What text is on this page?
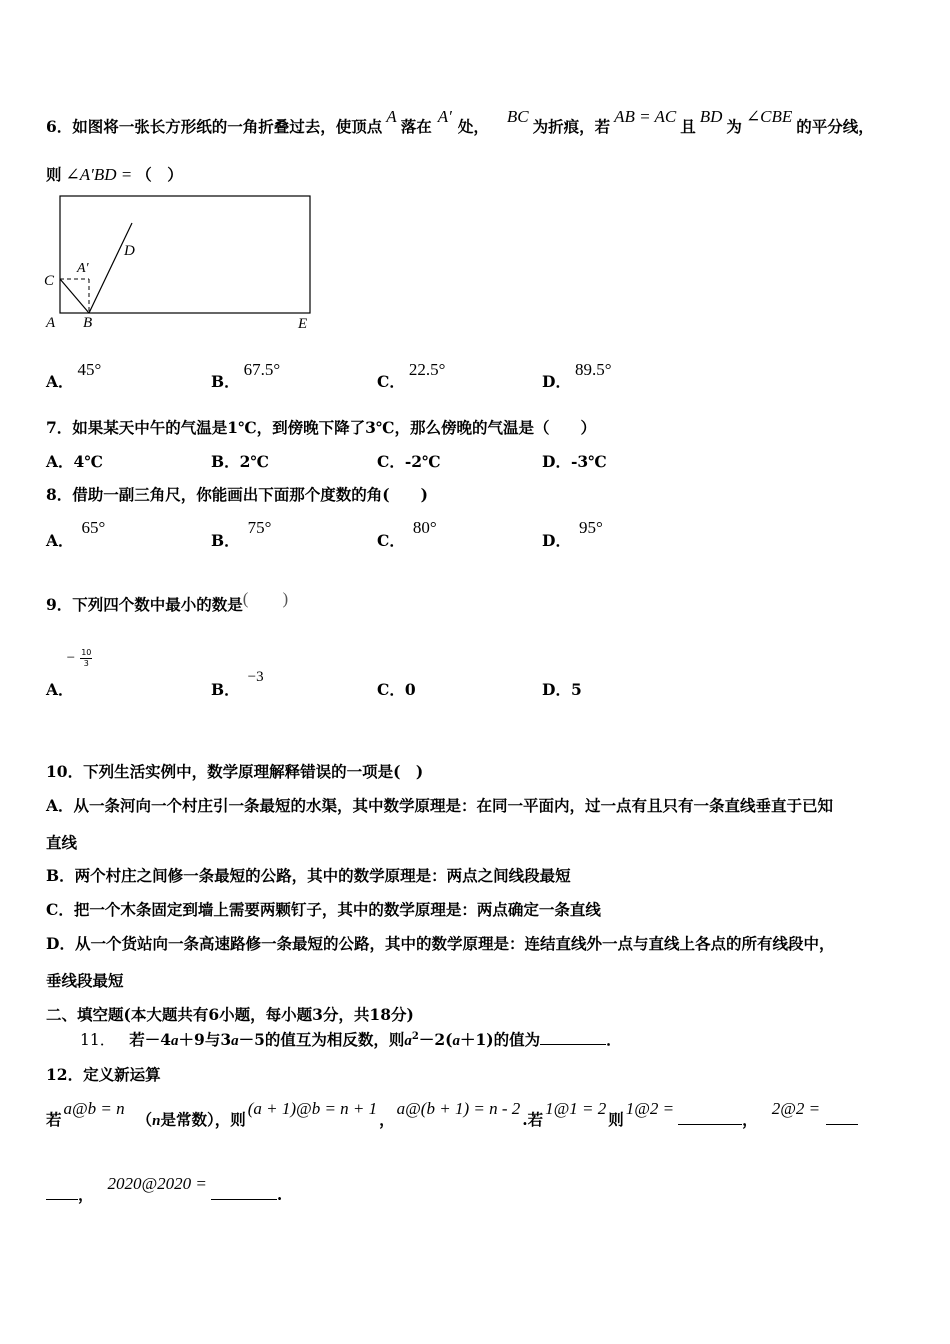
6．如图将一张长方形纸的一角折叠过去，使顶点A落在A′处，BC为折痕，若AB = AC且BD为∠CBE的平分线，
则 ∠A′BD = （　）
C
A B	E
D
A′
A．45°
B．67.5°
C．22.5°
D．89.5°
7．如果某天中午的气温是1℃，到傍晚下降了3℃，那么傍晚的气温是（　　）
A．4℃	B．2℃	C．-2℃	D．-3℃
8．借助一副三角尺，你能画出下面那个度数的角(　　)
A．65°
B．75°
C．80°
D．95°
9．下列四个数中最小的数是(　　)
A． − $\frac{10}{3}$
B．−3
C．0	D．5
10．下列生活实例中，数学原理解释错误的一项是(　)
A．从一条河向一个村庄引一条最短的水渠，其中数学原理是：在同一平面内，过一点有且只有一条直线垂直于已知
直线
B．两个村庄之间修一条最短的公路，其中的数学原理是：两点之间线段最短
C．把一个木条固定到墙上需要两颗钉子，其中的数学原理是：两点确定一条直线
D．从一个货站向一条高速路修一条最短的公路，其中的数学原理是：连结直线外一点与直线上各点的所有线段中，
垂线段最短
二、填空题(本大题共有6小题，每小题3分，共18分)
11． 若－4a＋9与3a－5的值互为相反数，则$a^2-2(a+1)$的值为	．
12．定义新运算
若a@b = n（n是常数），则(a + 1)@b = n + 1，a@(b + 1) = n - 2.若1@1 = 2则1@2 =，2@2 =
，2020@2020 =.
